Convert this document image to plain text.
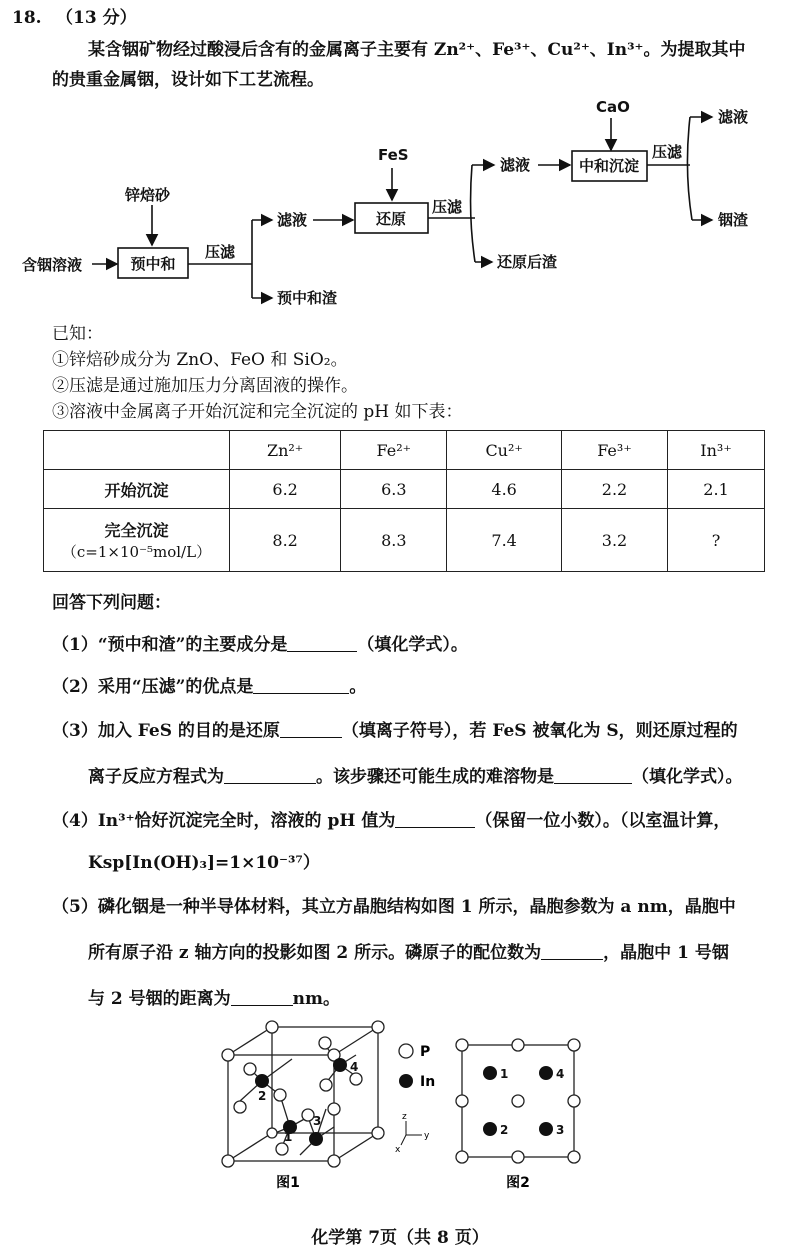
18. （13 分）
某含铟矿物经过酸浸后含有的金属离子主要有 Zn²⁺、Fe³⁺、Cu²⁺、In³⁺。为提取其中
的贵重金属铟，设计如下工艺流程。
含铟溶液
锌焙砂
预中和
压滤
滤液
预中和渣
FeS
还原
压滤
滤液
还原后渣
CaO
中和沉淀
压滤
滤液
铟渣
已知：
①锌焙砂成分为 ZnO、FeO 和 SiO₂。
②压滤是通过施加压力分离固液的操作。
③溶液中金属离子开始沉淀和完全沉淀的 pH 如下表：
	Zn²⁺	Fe²⁺	Cu²⁺	Fe³⁺	In³⁺
开始沉淀	6.2	6.3	4.6	2.2	2.1

完全沉淀
（c=1×10⁻⁵mol/L）	8.2	8.3	7.4	3.2	?
回答下列问题：
（1）“预中和渣”的主要成分是	（填化学式）。
（2）采用“压滤”的优点是	。
（3）加入 FeS 的目的是还原	（填离子符号），若 FeS 被氧化为 S，则还原过程的
离子反应方程式为	。该步骤还可能生成的难溶物是	（填化学式）。
（4）In³⁺恰好沉淀完全时，溶液的 pH 值为	（保留一位小数）。（以室温计算，
Ksp[In(OH)₃]=1×10⁻³⁷）
（5）磷化铟是一种半导体材料，其立方晶胞结构如图 1 所示，晶胞参数为 a nm，晶胞中
所有原子沿 z 轴方向的投影如图 2 所示。磷原子的配位数为	，晶胞中 1 号铟
与 2 号铟的距离为	nm。
1
2
3
4
P
In
z
y
x
1	4
2	3
图1	图2
化学第 7页（共 8 页）
